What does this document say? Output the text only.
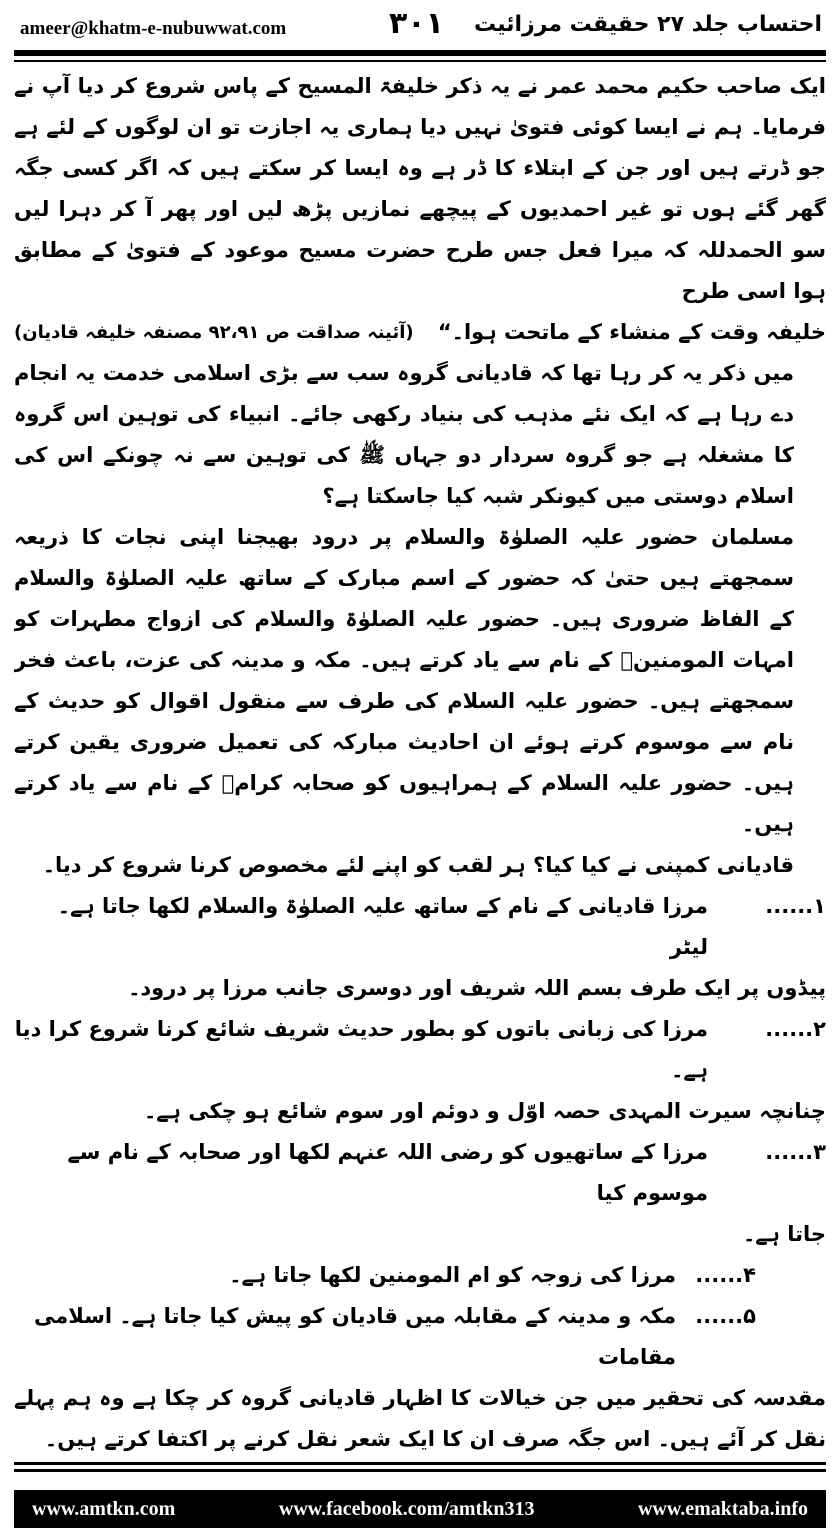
ameer@khatm-e-nubuwwat.com	۳۰۱ احتساب جلد ۲۷ حقیقت مرزائیت

ایک صاحب حکیم محمد عمر نے یہ ذکر خلیفۃ المسیح کے پاس شروع کر دیا آپ نے فرمایا۔ ہم نے ایسا کوئی فتویٰ نہیں دیا ہماری یہ اجازت تو ان لوگوں کے لئے ہے جو ڈرتے ہیں اور جن کے ابتلاء کا ڈر ہے وہ ایسا کر سکتے ہیں کہ اگر کسی جگہ گھر گئے ہوں تو غیر احمدیوں کے پیچھے نمازیں پڑھ لیں اور پھر آ کر دہرا لیں سو الحمدللہ کہ میرا فعل جس طرح حضرت مسیح موعود کے فتویٰ کے مطابق ہوا اسی طرح

خلیفہ وقت کے منشاء کے ماتحت ہوا۔“
(آئینہ صداقت ص ۹۲،۹۱ مصنفہ خلیفہ قادیان)

میں ذکر یہ کر رہا تھا کہ قادیانی گروہ سب سے بڑی اسلامی خدمت یہ انجام دے رہا ہے کہ ایک نئے مذہب کی بنیاد رکھی جائے۔ انبیاء کی توہین اس گروہ کا مشغلہ ہے جو گروہ سردار دو جہاں ﷺ کی توہین سے نہ چونکے اس کی اسلام دوستی میں کیونکر شبہ کیا جاسکتا ہے؟

مسلمان حضور علیہ الصلوٰۃ والسلام پر درود بھیجنا اپنی نجات کا ذریعہ سمجھتے ہیں حتیٰ کہ حضور کے اسم مبارک کے ساتھ علیہ الصلوٰۃ والسلام کے الفاظ ضروری ہیں۔ حضور علیہ الصلوٰۃ والسلام کی ازواج مطہرات کو امہات المومنینؓ کے نام سے یاد کرتے ہیں۔ مکہ و مدینہ کی عزت، باعث فخر سمجھتے ہیں۔ حضور علیہ السلام کی طرف سے منقول اقوال کو حدیث کے نام سے موسوم کرتے ہوئے ان احادیث مبارکہ کی تعمیل ضروری یقین کرتے ہیں۔ حضور علیہ السلام کے ہمراہیوں کو صحابہ کرامؓ کے نام سے یاد کرتے ہیں۔

قادیانی کمپنی نے کیا کیا؟ ہر لقب کو اپنے لئے مخصوص کرنا شروع کر دیا۔

۱......
مرزا قادیانی کے نام کے ساتھ علیہ الصلوٰۃ والسلام لکھا جاتا ہے۔ لیٹر

پیڈوں پر ایک طرف بسم اللہ شریف اور دوسری جانب مرزا پر درود۔

۲......
مرزا کی زبانی باتوں کو بطور حدیث شریف شائع کرنا شروع کرا دیا ہے۔

چنانچہ سیرت المہدی حصہ اوّل و دوئم اور سوم شائع ہو چکی ہے۔

۳......
مرزا کے ساتھیوں کو رضی اللہ عنہم لکھا اور صحابہ کے نام سے موسوم کیا

جاتا ہے۔

۴......
مرزا کی زوجہ کو ام المومنین لکھا جاتا ہے۔
۵......
مکہ و مدینہ کے مقابلہ میں قادیان کو پیش کیا جاتا ہے۔ اسلامی مقامات

مقدسہ کی تحقیر میں جن خیالات کا اظہار قادیانی گروہ کر چکا ہے وہ ہم پہلے نقل کر آئے ہیں۔ اس جگہ صرف ان کا ایک شعر نقل کرنے پر اکتفا کرتے ہیں۔

www.amtkn.com	www.facebook.com/amtkn313	www.emaktaba.info
